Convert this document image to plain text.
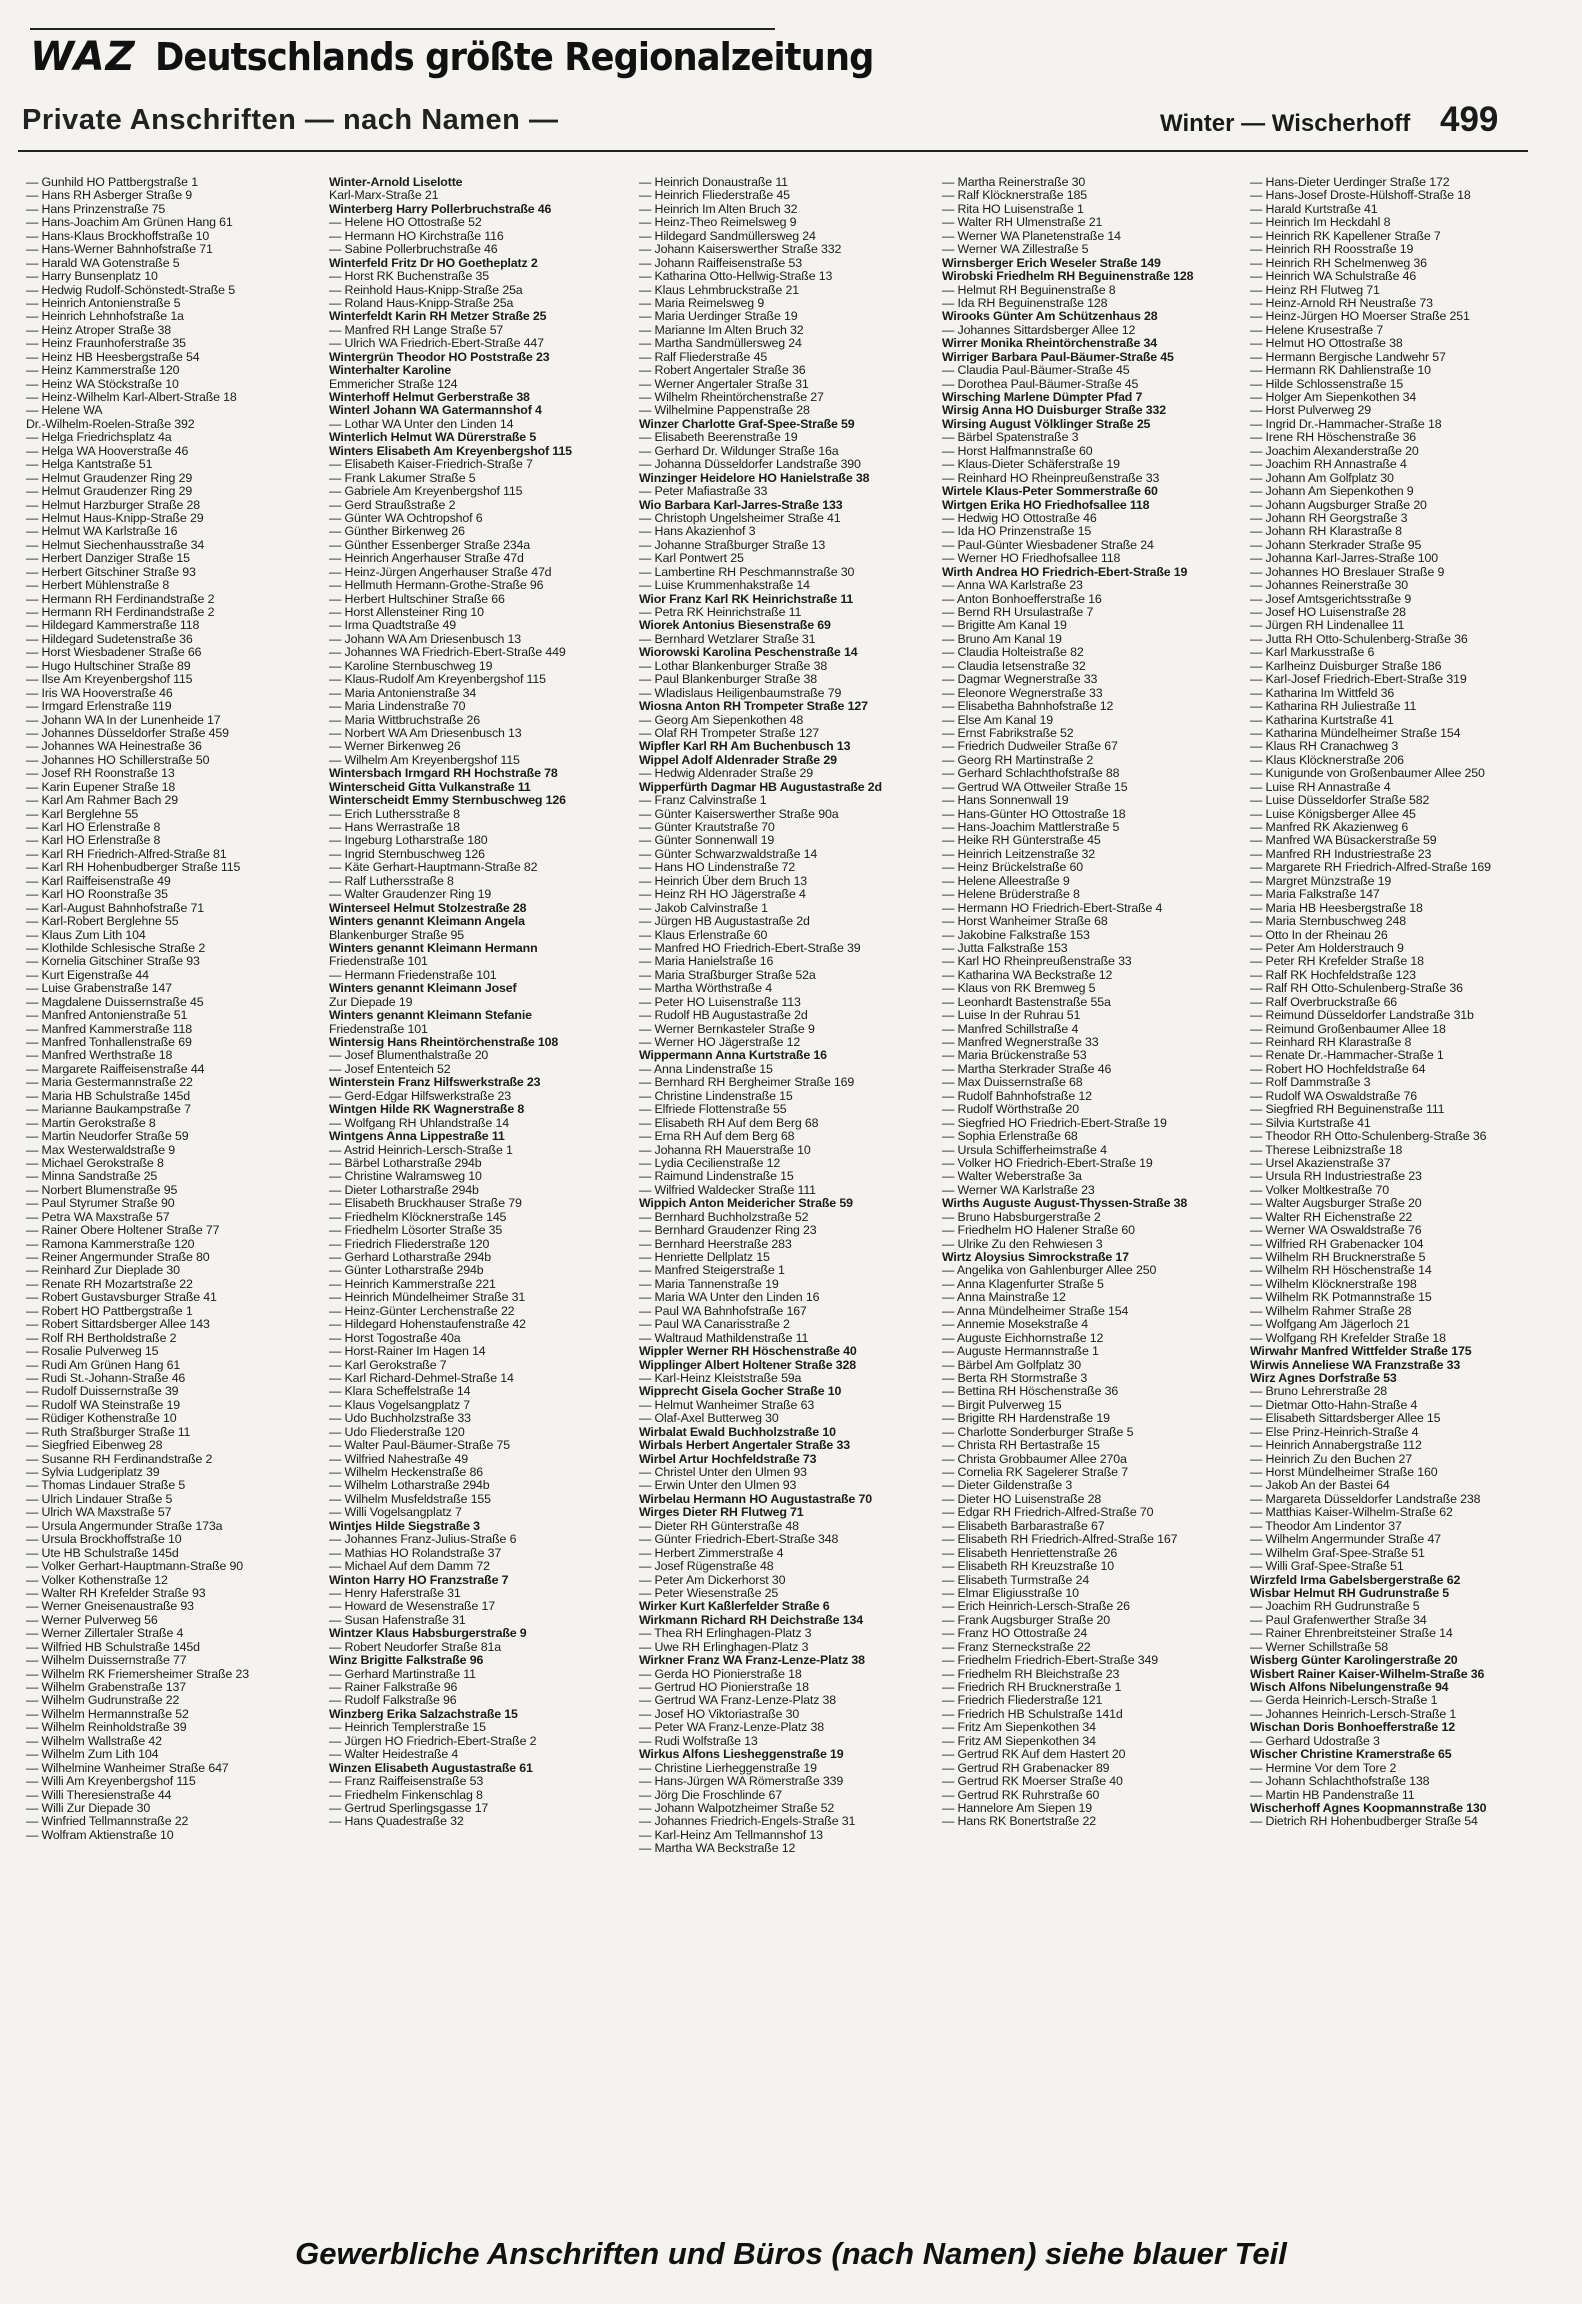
WAZ Deutschlands größte Regionalzeitung
Private Anschriften — nach Namen —	Winter — Wischerhoff 499
— Gunhild HO Pattbergstraße 1
— Hans RH Asberger Straße 9
— Hans Prinzenstraße 75
— Hans-Joachim Am Grünen Hang 61
— Hans-Klaus Brockhoffstraße 10
— Hans-Werner Bahnhofstraße 71
— Harald WA Gotenstraße 5
— Harry Bunsenplatz 10
— Hedwig Rudolf-Schönstedt-Straße 5
— Heinrich Antonienstraße 5
— Heinrich Lehnhofstraße 1a
— Heinz Atroper Straße 38
— Heinz Fraunhoferstraße 35
— Heinz HB Heesbergstraße 54
— Heinz Kammerstraße 120
— Heinz WA Stöckstraße 10
— Heinz-Wilhelm Karl-Albert-Straße 18
— Helene WA
Dr.-Wilhelm-Roelen-Straße 392
— Helga Friedrichsplatz 4a
— Helga WA Hooverstraße 46
— Helga Kantstraße 51
— Helmut Graudenzer Ring 29
— Helmut Graudenzer Ring 29
— Helmut Harzburger Straße 28
— Helmut Haus-Knipp-Straße 29
— Helmut WA Karlstraße 16
— Helmut Siechenhausstraße 34
— Herbert Danziger Straße 15
— Herbert Gitschiner Straße 93
— Herbert Mühlenstraße 8
— Hermann RH Ferdinandstraße 2
— Hermann RH Ferdinandstraße 2
— Hildegard Kammerstraße 118
— Hildegard Sudetenstraße 36
— Horst Wiesbadener Straße 66
— Hugo Hultschiner Straße 89
— Ilse Am Kreyenbergshof 115
— Iris WA Hooverstraße 46
— Irmgard Erlenstraße 119
— Johann WA In der Lunenheide 17
— Johannes Düsseldorfer Straße 459
— Johannes WA Heinestraße 36
— Johannes HO Schillerstraße 50
— Josef RH Roonstraße 13
— Karin Eupener Straße 18
— Karl Am Rahmer Bach 29
— Karl Berglehne 55
— Karl HO Erlenstraße 8
— Karl HO Erlenstraße 8
— Karl RH Friedrich-Alfred-Straße 81
— Karl RH Hohenbudberger Straße 115
— Karl Raiffeisenstraße 49
— Karl HO Roonstraße 35
— Karl-August Bahnhofstraße 71
— Karl-Robert Berglehne 55
— Klaus Zum Lith 104
— Klothilde Schlesische Straße 2
— Kornelia Gitschiner Straße 93
— Kurt Eigenstraße 44
— Luise Grabenstraße 147
— Magdalene Duissernstraße 45
— Manfred Antonienstraße 51
— Manfred Kammerstraße 118
— Manfred Tonhallenstraße 69
— Manfred Werthstraße 18
— Margarete Raiffeisenstraße 44
— Maria Gestermannstraße 22
— Maria HB Schulstraße 145d
— Marianne Baukampstraße 7
— Martin Gerokstraße 8
— Martin Neudorfer Straße 59
— Max Westerwaldstraße 9
— Michael Gerokstraße 8
— Minna Sandstraße 25
— Norbert Blumenstraße 95
— Paul Styrumer Straße 90
— Petra WA Maxstraße 57
— Rainer Obere Holtener Straße 77
— Ramona Kammerstraße 120
— Reiner Angermunder Straße 80
— Reinhard Zur Dieplade 30
— Renate RH Mozartstraße 22
— Robert Gustavsburger Straße 41
— Robert HO Pattbergstraße 1
— Robert Sittardsberger Allee 143
— Rolf RH Bertholdstraße 2
— Rosalie Pulverweg 15
— Rudi Am Grünen Hang 61
— Rudi St.-Johann-Straße 46
— Rudolf Duissernstraße 39
— Rudolf WA Steinstraße 19
— Rüdiger Kothenstraße 10
— Ruth Straßburger Straße 11
— Siegfried Eibenweg 28
— Susanne RH Ferdinandstraße 2
— Sylvia Ludgeriplatz 39
— Thomas Lindauer Straße 5
— Ulrich Lindauer Straße 5
— Ulrich WA Maxstraße 57
— Ursula Angermunder Straße 173a
— Ursula Brockhoffstraße 10
— Ute HB Schulstraße 145d
— Volker Gerhart-Hauptmann-Straße 90
— Volker Kothenstraße 12
— Walter RH Krefelder Straße 93
— Werner Gneisenaustraße 93
— Werner Pulverweg 56
— Werner Zillertaler Straße 4
— Wilfried HB Schulstraße 145d
— Wilhelm Duissernstraße 77
— Wilhelm RK Friemersheimer Straße 23
— Wilhelm Grabenstraße 137
— Wilhelm Gudrunstraße 22
— Wilhelm Hermannstraße 52
— Wilhelm Reinholdstraße 39
— Wilhelm Wallstraße 42
— Wilhelm Zum Lith 104
— Wilhelmine Wanheimer Straße 647
— Willi Am Kreyenbergshof 115
— Willi Theresienstraße 44
— Willi Zur Diepade 30
— Winfried Tellmannstraße 22
— Wolfram Aktienstraße 10
Winter-Arnold Liselotte
Karl-Marx-Straße 21
Winterberg Harry Pollerbruchstraße 46
— Helene HO Ottostraße 52
— Hermann HO Kirchstraße 116
— Sabine Pollerbruchstraße 46
Winterfeld Fritz Dr HO Goetheplatz 2
— Horst RK Buchenstraße 35
— Reinhold Haus-Knipp-Straße 25a
— Roland Haus-Knipp-Straße 25a
Winterfeldt Karin RH Metzer Straße 25
— Manfred RH Lange Straße 57
— Ulrich WA Friedrich-Ebert-Straße 447
Wintergrün Theodor HO Poststraße 23
Winterhalter Karoline
Emmericher Straße 124
Winterhoff Helmut Gerberstraße 38
Winterl Johann WA Gatermannshof 4
— Lothar WA Unter den Linden 14
Winterlich Helmut WA Dürerstraße 5
Winters Elisabeth Am Kreyenbergshof 115
— Elisabeth Kaiser-Friedrich-Straße 7
— Frank Lakumer Straße 5
— Gabriele Am Kreyenbergshof 115
— Gerd Straußstraße 2
— Günter WA Ochtropshof 6
— Günther Birkenweg 26
— Günther Essenberger Straße 234a
— Heinrich Angerhauser Straße 47d
— Heinz-Jürgen Angerhauser Straße 47d
— Hellmuth Hermann-Grothe-Straße 96
— Herbert Hultschiner Straße 66
— Horst Allensteiner Ring 10
— Irma Quadtstraße 49
— Johann WA Am Driesenbusch 13
— Johannes WA Friedrich-Ebert-Straße 449
— Karoline Sternbuschweg 19
— Klaus-Rudolf Am Kreyenbergshof 115
— Maria Antonienstraße 34
— Maria Lindenstraße 70
— Maria Wittbruchstraße 26
— Norbert WA Am Driesenbusch 13
— Werner Birkenweg 26
— Wilhelm Am Kreyenbergshof 115
Wintersbach Irmgard RH Hochstraße 78
Winterscheid Gitta Vulkanstraße 11
Winterscheidt Emmy Sternbuschweg 126
— Erich Luthersstraße 8
— Hans Werrastraße 18
— Ingeburg Lotharstraße 180
— Ingrid Sternbuschweg 126
— Käte Gerhart-Hauptmann-Straße 82
— Ralf Luthersstraße 8
— Walter Graudenzer Ring 19
Winterseel Helmut Stolzestraße 28
Winters genannt Kleimann Angela
Blankenburger Straße 95
Winters genannt Kleimann Hermann
Friedenstraße 101
— Hermann Friedenstraße 101
Winters genannt Kleimann Josef
Zur Diepade 19
Winters genannt Kleimann Stefanie
Friedenstraße 101
Wintersig Hans Rheintörchenstraße 108
— Josef Blumenthalstraße 20
— Josef Ententeich 52
Winterstein Franz Hilfswerkstraße 23
— Gerd-Edgar Hilfswerkstraße 23
Wintgen Hilde RK Wagnerstraße 8
— Wolfgang RH Uhlandstraße 14
Wintgens Anna Lippestraße 11
— Astrid Heinrich-Lersch-Straße 1
— Bärbel Lotharstraße 294b
— Christine Walramsweg 10
— Dieter Lotharstraße 294b
— Elisabeth Bruckhauser Straße 79
— Friedhelm Klöcknerstraße 145
— Friedhelm Lösorter Straße 35
— Friedrich Fliederstraße 120
— Gerhard Lotharstraße 294b
— Günter Lotharstraße 294b
— Heinrich Kammerstraße 221
— Heinrich Mündelheimer Straße 31
— Heinz-Günter Lerchenstraße 22
— Hildegard Hohenstaufenstraße 42
— Horst Togostraße 40a
— Horst-Rainer Im Hagen 14
— Karl Gerokstraße 7
— Karl Richard-Dehmel-Straße 14
— Klara Scheffelstraße 14
— Klaus Vogelsangplatz 7
— Udo Buchholzstraße 33
— Udo Fliederstraße 120
— Walter Paul-Bäumer-Straße 75
— Wilfried Nahestraße 49
— Wilhelm Heckenstraße 86
— Wilhelm Lotharstraße 294b
— Wilhelm Musfeldstraße 155
— Willi Vogelsangplatz 7
Wintjes Hilde Siegstraße 3
— Johannes Franz-Julius-Straße 6
— Mathias HO Rolandstraße 37
— Michael Auf dem Damm 72
Winton Harry HO Franzstraße 7
— Henry Haferstraße 31
— Howard de Wesenstraße 17
— Susan Hafenstraße 31
Wintzer Klaus Habsburgerstraße 9
— Robert Neudorfer Straße 81a
Winz Brigitte Falkstraße 96
— Gerhard Martinstraße 11
— Rainer Falkstraße 96
— Rudolf Falkstraße 96
Winzberg Erika Salzachstraße 15
— Heinrich Templerstraße 15
— Jürgen HO Friedrich-Ebert-Straße 2
— Walter Heidestraße 4
Winzen Elisabeth Augustastraße 61
— Franz Raiffeisenstraße 53
— Friedhelm Finkenschlag 8
— Gertrud Sperlingsgasse 17
— Hans Quadestraße 32
— Heinrich Donaustraße 11
— Heinrich Fliederstraße 45
— Heinrich Im Alten Bruch 32
— Heinz-Theo Reimelsweg 9
— Hildegard Sandmüllersweg 24
— Johann Kaiserswerther Straße 332
— Johann Raiffeisenstraße 53
— Katharina Otto-Hellwig-Straße 13
— Klaus Lehmbruckstraße 21
— Maria Reimelsweg 9
— Maria Uerdinger Straße 19
— Marianne Im Alten Bruch 32
— Martha Sandmüllersweg 24
— Ralf Fliederstraße 45
— Robert Angertaler Straße 36
— Werner Angertaler Straße 31
— Wilhelm Rheintörchenstraße 27
— Wilhelmine Pappenstraße 28
Winzer Charlotte Graf-Spee-Straße 59
— Elisabeth Beerenstraße 19
— Gerhard Dr. Wildunger Straße 16a
— Johanna Düsseldorfer Landstraße 390
Winzinger Heidelore HO Hanielstraße 38
— Peter Mafiastraße 33
Wio Barbara Karl-Jarres-Straße 133
— Christoph Ungelsheimer Straße 41
— Hans Akazienhof 3
— Johanne Straßburger Straße 13
— Karl Pontwert 25
— Lambertine RH Peschmannstraße 30
— Luise Krummenhakstraße 14
Wior Franz Karl RK Heinrichstraße 11
— Petra RK Heinrichstraße 11
Wiorek Antonius Biesenstraße 69
— Bernhard Wetzlarer Straße 31
Wiorowski Karolina Peschenstraße 14
— Lothar Blankenburger Straße 38
— Paul Blankenburger Straße 38
— Wladislaus Heiligenbaumstraße 79
Wiosna Anton RH Trompeter Straße 127
— Georg Am Siepenkothen 48
— Olaf RH Trompeter Straße 127
Wipfler Karl RH Am Buchenbusch 13
Wippel Adolf Aldenrader Straße 29
— Hedwig Aldenrader Straße 29
Wipperfürth Dagmar HB Augustastraße 2d
— Franz Calvinstraße 1
— Günter Kaiserswerther Straße 90a
— Günter Krautstraße 70
— Günter Sonnenwall 19
— Günter Schwarzwaldstraße 14
— Hans HO Lindenstraße 72
— Heinrich Über dem Bruch 13
— Heinz RH HO Jägerstraße 4
— Jakob Calvinstraße 1
— Jürgen HB Augustastraße 2d
— Klaus Erlenstraße 60
— Manfred HO Friedrich-Ebert-Straße 39
— Maria Hanielstraße 16
— Maria Straßburger Straße 52a
— Martha Wörthstraße 4
— Peter HO Luisenstraße 113
— Rudolf HB Augustastraße 2d
— Werner Bernkasteler Straße 9
— Werner HO Jägerstraße 12
Wippermann Anna Kurtstraße 16
— Anna Lindenstraße 15
— Bernhard RH Bergheimer Straße 169
— Christine Lindenstraße 15
— Elfriede Flottenstraße 55
— Elisabeth RH Auf dem Berg 68
— Erna RH Auf dem Berg 68
— Johanna RH Mauerstraße 10
— Lydia Cecilienstraße 12
— Raimund Lindenstraße 15
— Wilfried Waldecker Straße 111
Wippich Anton Meidericher Straße 59
— Bernhard Buchholzstraße 52
— Bernhard Graudenzer Ring 23
— Bernhard Heerstraße 283
— Henriette Dellplatz 15
— Manfred Steigerstraße 1
— Maria Tannenstraße 19
— Maria WA Unter den Linden 16
— Paul WA Bahnhofstraße 167
— Paul WA Canarisstraße 2
— Waltraud Mathildenstraße 11
Wippler Werner RH Höschenstraße 40
Wipplinger Albert Holtener Straße 328
— Karl-Heinz Kleiststraße 59a
Wipprecht Gisela Gocher Straße 10
— Helmut Wanheimer Straße 63
— Olaf-Axel Butterweg 30
Wirbalat Ewald Buchholzstraße 10
Wirbals Herbert Angertaler Straße 33
Wirbel Artur Hochfeldstraße 73
— Christel Unter den Ulmen 93
— Erwin Unter den Ulmen 93
Wirbelau Hermann HO Augustastraße 70
Wirges Dieter RH Flutweg 71
— Dieter RH Günterstraße 48
— Günter Friedrich-Ebert-Straße 348
— Herbert Zimmerstraße 4
— Josef Rügenstraße 48
— Peter Am Dickerhorst 30
— Peter Wiesenstraße 25
Wirker Kurt Kaßlerfelder Straße 6
Wirkmann Richard RH Deichstraße 134
— Thea RH Erlinghagen-Platz 3
— Uwe RH Erlinghagen-Platz 3
Wirkner Franz WA Franz-Lenze-Platz 38
— Gerda HO Pionierstraße 18
— Gertrud HO Pionierstraße 18
— Gertrud WA Franz-Lenze-Platz 38
— Josef HO Viktoriastraße 30
— Peter WA Franz-Lenze-Platz 38
— Rudi Wolfstraße 13
Wirkus Alfons Liesheggenstraße 19
— Christine Lierheggenstraße 19
— Hans-Jürgen WA Römerstraße 339
— Jörg Die Froschlinde 67
— Johann Walpotzheimer Straße 52
— Johannes Friedrich-Engels-Straße 31
— Karl-Heinz Am Tellmannshof 13
— Martha WA Beckstraße 12
— Martha Reinerstraße 30
— Ralf Klöcknerstraße 185
— Rita HO Luisenstraße 1
— Walter RH Ulmenstraße 21
— Werner WA Planetenstraße 14
— Werner WA Zillestraße 5
Wirnsberger Erich Weseler Straße 149
Wirobski Friedhelm RH Beguinenstraße 128
— Helmut RH Beguinenstraße 8
— Ida RH Beguinenstraße 128
Wirooks Günter Am Schützenhaus 28
— Johannes Sittardsberger Allee 12
Wirrer Monika Rheintörchenstraße 34
Wirriger Barbara Paul-Bäumer-Straße 45
— Claudia Paul-Bäumer-Straße 45
— Dorothea Paul-Bäumer-Straße 45
Wirsching Marlene Dümpter Pfad 7
Wirsig Anna HO Duisburger Straße 332
Wirsing August Völklinger Straße 25
— Bärbel Spatenstraße 3
— Horst Halfmannstraße 60
— Klaus-Dieter Schäferstraße 19
— Reinhard HO Rheinpreußenstraße 33
Wirtele Klaus-Peter Sommerstraße 60
Wirtgen Erika HO Friedhofsallee 118
— Hedwig HO Ottostraße 46
— Ida HO Prinzenstraße 15
— Paul-Günter Wiesbadener Straße 24
— Werner HO Friedhofsallee 118
Wirth Andrea HO Friedrich-Ebert-Straße 19
— Anna WA Karlstraße 23
— Anton Bonhoefferstraße 16
— Bernd RH Ursulastraße 7
— Brigitte Am Kanal 19
— Bruno Am Kanal 19
— Claudia Holteistraße 82
— Claudia Ietsenstraße 32
— Dagmar Wegnerstraße 33
— Eleonore Wegnerstraße 33
— Elisabetha Bahnhofstraße 12
— Else Am Kanal 19
— Ernst Fabrikstraße 52
— Friedrich Dudweiler Straße 67
— Georg RH Martinstraße 2
— Gerhard Schlachthofstraße 88
— Gertrud WA Ottweiler Straße 15
— Hans Sonnenwall 19
— Hans-Günter HO Ottostraße 18
— Hans-Joachim Mattlerstraße 5
— Heike RH Günterstraße 45
— Heinrich Leitzenstraße 32
— Heinz Brückelstraße 60
— Helene Alleestraße 9
— Helene Brüderstraße 8
— Hermann HO Friedrich-Ebert-Straße 4
— Horst Wanheimer Straße 68
— Jakobine Falkstraße 153
— Jutta Falkstraße 153
— Karl HO Rheinpreußenstraße 33
— Katharina WA Beckstraße 12
— Klaus von RK Bremweg 5
— Leonhardt Bastenstraße 55a
— Luise In der Ruhrau 51
— Manfred Schillstraße 4
— Manfred Wegnerstraße 33
— Maria Brückenstraße 53
— Martha Sterkrader Straße 46
— Max Duissernstraße 68
— Rudolf Bahnhofstraße 12
— Rudolf Wörthstraße 20
— Siegfried HO Friedrich-Ebert-Straße 19
— Sophia Erlenstraße 68
— Ursula Schifferheimstraße 4
— Volker HO Friedrich-Ebert-Straße 19
— Walter Weberstraße 3a
— Werner WA Karlstraße 23
Wirths Auguste August-Thyssen-Straße 38
— Bruno Habsburgerstraße 2
— Friedhelm HO Halener Straße 60
— Ulrike Zu den Rehwiesen 3
Wirtz Aloysius Simrockstraße 17
— Angelika von Gahlenburger Allee 250
— Anna Klagenfurter Straße 5
— Anna Mainstraße 12
— Anna Mündelheimer Straße 154
— Annemie Mosekstraße 4
— Auguste Eichhornstraße 12
— Auguste Hermannstraße 1
— Bärbel Am Golfplatz 30
— Berta RH Stormstraße 3
— Bettina RH Höschenstraße 36
— Birgit Pulverweg 15
— Brigitte RH Hardenstraße 19
— Charlotte Sonderburger Straße 5
— Christa RH Bertastraße 15
— Christa Grobbaumer Allee 270a
— Cornelia RK Sagelerer Straße 7
— Dieter Gildenstraße 3
— Dieter HO Luisenstraße 28
— Edgar RH Friedrich-Alfred-Straße 70
— Elisabeth Barbarastraße 67
— Elisabeth RH Friedrich-Alfred-Straße 167
— Elisabeth Henriettenstraße 26
— Elisabeth RH Kreuzstraße 10
— Elisabeth Turmstraße 24
— Elmar Eligiusstraße 10
— Erich Heinrich-Lersch-Straße 26
— Frank Augsburger Straße 20
— Franz HO Ottostraße 24
— Franz Sterneckstraße 22
— Friedhelm Friedrich-Ebert-Straße 349
— Friedhelm RH Bleichstraße 23
— Friedrich RH Brucknerstraße 1
— Friedrich Fliederstraße 121
— Friedrich HB Schulstraße 141d
— Fritz Am Siepenkothen 34
— Fritz AM Siepenkothen 34
— Gertrud RK Auf dem Hastert 20
— Gertrud RH Grabenacker 89
— Gertrud RK Moerser Straße 40
— Gertrud RK Ruhrstraße 60
— Hannelore Am Siepen 19
— Hans RK Bonertstraße 22
— Hans-Dieter Uerdinger Straße 172
— Hans-Josef Droste-Hülshoff-Straße 18
— Harald Kurtstraße 41
— Heinrich Im Heckdahl 8
— Heinrich RK Kapellener Straße 7
— Heinrich RH Roosstraße 19
— Heinrich RH Schelmenweg 36
— Heinrich WA Schulstraße 46
— Heinz RH Flutweg 71
— Heinz-Arnold RH Neustraße 73
— Heinz-Jürgen HO Moerser Straße 251
— Helene Krusestraße 7
— Helmut HO Ottostraße 38
— Hermann Bergische Landwehr 57
— Hermann RK Dahlienstraße 10
— Hilde Schlossenstraße 15
— Holger Am Siepenkothen 34
— Horst Pulverweg 29
— Ingrid Dr.-Hammacher-Straße 18
— Irene RH Höschenstraße 36
— Joachim Alexanderstraße 20
— Joachim RH Annastraße 4
— Johann Am Golfplatz 30
— Johann Am Siepenkothen 9
— Johann Augsburger Straße 20
— Johann RH Georgstraße 3
— Johann RH Klarastraße 8
— Johann Sterkrader Straße 95
— Johanna Karl-Jarres-Straße 100
— Johannes HO Breslauer Straße 9
— Johannes Reinerstraße 30
— Josef Amtsgerichtsstraße 9
— Josef HO Luisenstraße 28
— Jürgen RH Lindenallee 11
— Jutta RH Otto-Schulenberg-Straße 36
— Karl Markusstraße 6
— Karlheinz Duisburger Straße 186
— Karl-Josef Friedrich-Ebert-Straße 319
— Katharina Im Wittfeld 36
— Katharina RH Juliestraße 11
— Katharina Kurtstraße 41
— Katharina Mündelheimer Straße 154
— Klaus RH Cranachweg 3
— Klaus Klöcknerstraße 206
— Kunigunde von Großenbaumer Allee 250
— Luise RH Annastraße 4
— Luise Düsseldorfer Straße 582
— Luise Königsberger Allee 45
— Manfred RK Akazienweg 6
— Manfred WA Büsackerstraße 59
— Manfred RH Industriestraße 23
— Margarete RH Friedrich-Alfred-Straße 169
— Margret Münzstraße 19
— Maria Falkstraße 147
— Maria HB Heesbergstraße 18
— Maria Sternbuschweg 248
— Otto In der Rheinau 26
— Peter Am Holderstrauch 9
— Peter RH Krefelder Straße 18
— Ralf RK Hochfeldstraße 123
— Ralf RH Otto-Schulenberg-Straße 36
— Ralf Overbruckstraße 66
— Reimund Düsseldorfer Landstraße 31b
— Reimund Großenbaumer Allee 18
— Reinhard RH Klarastraße 8
— Renate Dr.-Hammacher-Straße 1
— Robert HO Hochfeldstraße 64
— Rolf Dammstraße 3
— Rudolf WA Oswaldstraße 76
— Siegfried RH Beguinenstraße 111
— Silvia Kurtstraße 41
— Theodor RH Otto-Schulenberg-Straße 36
— Therese Leibnizstraße 18
— Ursel Akazienstraße 37
— Ursula RH Industriestraße 23
— Volker Moltkestraße 70
— Walter Augsburger Straße 20
— Walter RH Eichenstraße 22
— Werner WA Oswaldstraße 76
— Wilfried RH Grabenacker 104
— Wilhelm RH Brucknerstraße 5
— Wilhelm RH Höschenstraße 14
— Wilhelm Klöcknerstraße 198
— Wilhelm RK Potmannstraße 15
— Wilhelm Rahmer Straße 28
— Wolfgang Am Jägerloch 21
— Wolfgang RH Krefelder Straße 18
Wirwahr Manfred Wittfelder Straße 175
Wirwis Anneliese WA Franzstraße 33
Wirz Agnes Dorfstraße 53
— Bruno Lehrerstraße 28
— Dietmar Otto-Hahn-Straße 4
— Elisabeth Sittardsberger Allee 15
— Else Prinz-Heinrich-Straße 4
— Heinrich Annabergstraße 112
— Heinrich Zu den Buchen 27
— Horst Mündelheimer Straße 160
— Jakob An der Bastei 64
— Margareta Düsseldorfer Landstraße 238
— Matthias Kaiser-Wilhelm-Straße 62
— Theodor Am Lindentor 37
— Wilhelm Angermunder Straße 47
— Wilhelm Graf-Spee-Straße 51
— Willi Graf-Spee-Straße 51
Wirzfeld Irma Gabelsbergerstraße 62
Wisbar Helmut RH Gudrunstraße 5
— Joachim RH Gudrunstraße 5
— Paul Grafenwerther Straße 34
— Rainer Ehrenbreitsteiner Straße 14
— Werner Schillstraße 58
Wisberg Günter Karolingerstraße 20
Wisbert Rainer Kaiser-Wilhelm-Straße 36
Wisch Alfons Nibelungenstraße 94
— Gerda Heinrich-Lersch-Straße 1
— Johannes Heinrich-Lersch-Straße 1
Wischan Doris Bonhoefferstraße 12
— Gerhard Udostraße 3
Wischer Christine Kramerstraße 65
— Hermine Vor dem Tore 2
— Johann Schlachthofstraße 138
— Martin HB Pandenstraße 11
Wischerhoff Agnes Koopmannstraße 130
— Dietrich RH Hohenbudberger Straße 54
Gewerbliche Anschriften und Büros (nach Namen) siehe blauer Teil
